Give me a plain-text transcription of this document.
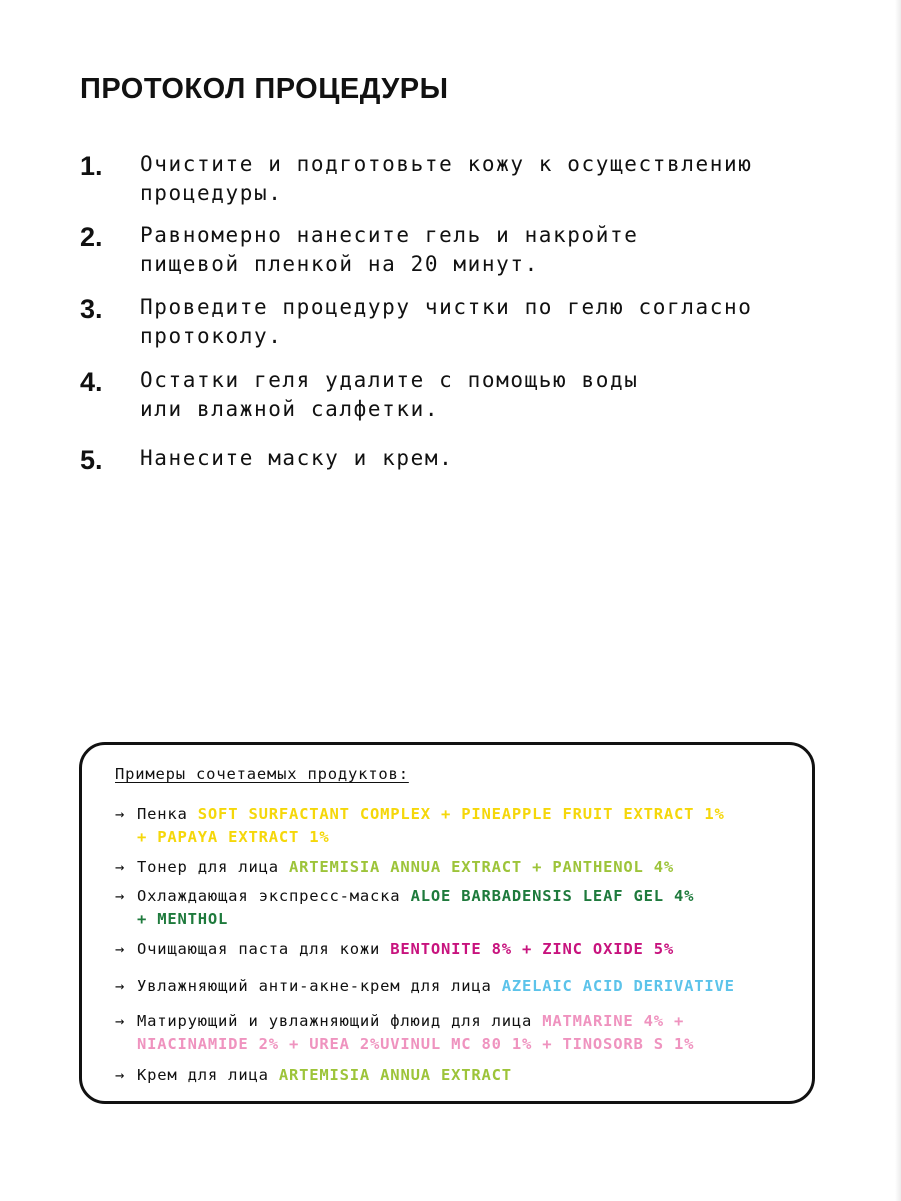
ПРОТОКОЛ ПРОЦЕДУРЫ
1. Очистите и подготовьте кожу к осуществлению
процедуры.
2. Равномерно нанесите гель и накройте
пищевой пленкой на 20 минут.
3. Проведите процедуру чистки по гелю согласно
протоколу.
4. Остатки геля удалите с помощью воды
или влажной салфетки.
5. Нанесите маску и крем.
Примеры сочетаемых продуктов:
→ Пенка SOFT SURFACTANT COMPLEX + PINEAPPLE FRUIT EXTRACT 1%
+ PAPAYA EXTRACT 1%
→ Тонер для лица ARTEMISIA ANNUA EXTRACT + PANTHENOL 4%
→ Охлаждающая экспресс-маска ALOE BARBADENSIS LEAF GEL 4%
+ MENTHOL
→ Очищающая паста для кожи BENTONITE 8% + ZINC OXIDE 5%
→ Увлажняющий анти-акне-крем для лица AZELAIC ACID DERIVATIVE
→ Матирующий и увлажняющий флюид для лица MATMARINE 4% +
NIACINAMIDE 2% + UREA 2%UVINUL MC 80 1% + TINOSORB S 1%
→ Крем для лица ARTEMISIA ANNUA EXTRACT
